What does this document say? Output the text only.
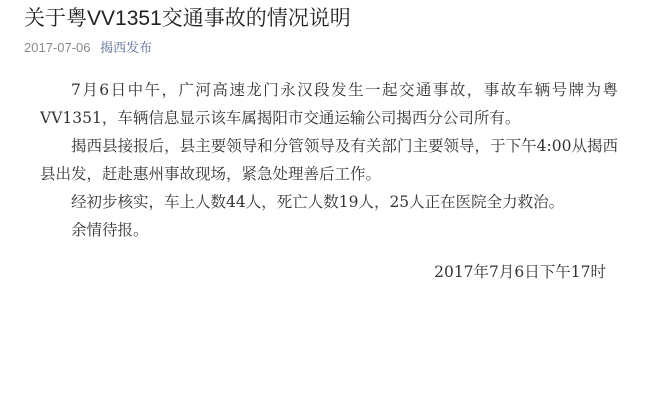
关于粤VV1351交通事故的情况说明
2017-07-06 揭西发布

7月6日中午，广河高速龙门永汉段发生一起交通事故，事故车辆号牌为粤VV1351，车辆信息显示该车属揭阳市交通运输公司揭西分公司所有。

揭西县接报后，县主要领导和分管领导及有关部门主要领导，于下午4:00从揭西县出发，赶赴惠州事故现场，紧急处理善后工作。

经初步核实，车上人数44人，死亡人数19人，25人正在医院全力救治。

余情待报。

2017年7月6日下午17时
